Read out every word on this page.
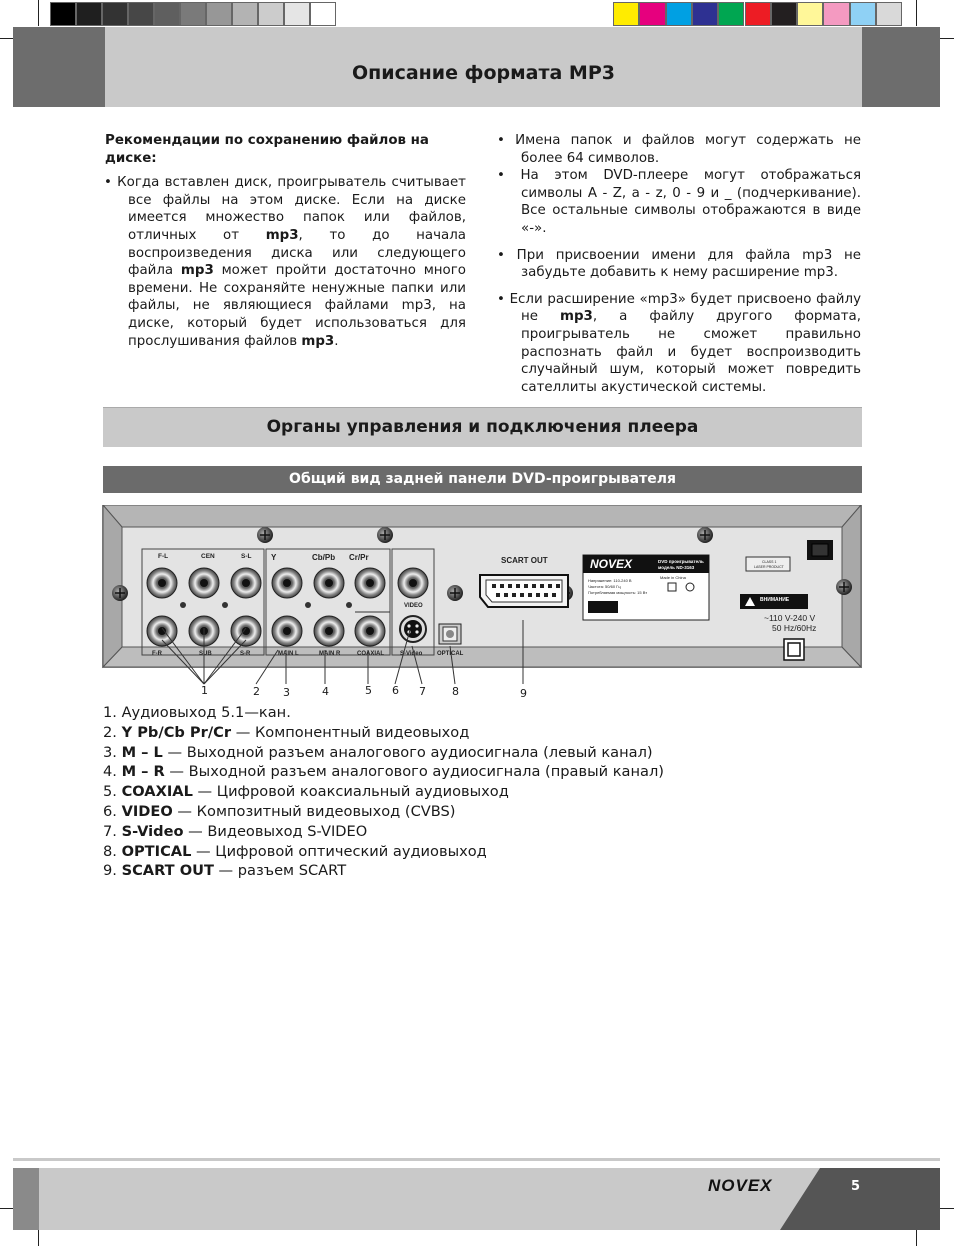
Описание формата MP3

Рекомендации по сохранению файлов на диске:

• Когда вставлен диск, проигрыватель считывает все файлы на этом диске. Если на диске имеется множество папок или файлов, отличных от mp3, то до начала воспроизведения диска или следующего файла mp3 может пройти достаточно много времени. Не сохраняйте ненужные папки или файлы, не являющиеся файлами mp3, на диске, который будет использоваться для прослушивания файлов mp3.

• Имена папок и файлов могут содержать не более 64 символов.

• На этом DVD-плеере могут отображаться символы A - Z, a - z, 0 - 9 и _ (подчеркивание). Все остальные символы отображаются в виде «-».

• При присвоении имени для файла mp3 не забудьте добавить к нему расширение mp3.

• Если расширение «mp3» будет присвоено файлу не mp3, а файлу другого формата, проигрыватель не сможет правильно распознать файл и будет воспроизводить случайный шум, который может повредить сателлиты акустической системы.

Органы управления и подключения плеера
Общий вид задней панели DVD-проигрывателя
F-L	CEN	S-L Y	Cb/Pb Cr/Pr
VIDEO
F-R	SUB	S-R	MAIN L	MAIN R	COAXIAL	S-Video OPTICAL
SCART OUT	NOVEX	DVD проигрыватель
модель ND-3163
Напряжение: 110-240 В
Частота: 50/60 Гц
Потребляемая мощность: 15 Вт
Made in China
CLASS 1
LASER PRODUCT
ВНИМАНИЕ
~110 V-240 V
50 Hz/60Hz
1	2 3	4	5 6 7 8	9
1. Аудиовыход 5.1—кан.
2. Y Pb/Cb Pr/Cr — Компонентный видеовыход
3. M – L — Выходной разъем аналогового аудиосигнала (левый канал)
4. M – R — Выходной разъем аналогового аудиосигнала (правый канал)
5. COAXIAL — Цифровой коаксиальный аудиовыход
6. VIDEO — Композитный видеовыход (CVBS)
7. S-Video — Видеовыход S-VIDEO
8. OPTICAL — Цифровой оптический аудиовыход
9. SCART OUT — разъем SCART
NOVEX	5
